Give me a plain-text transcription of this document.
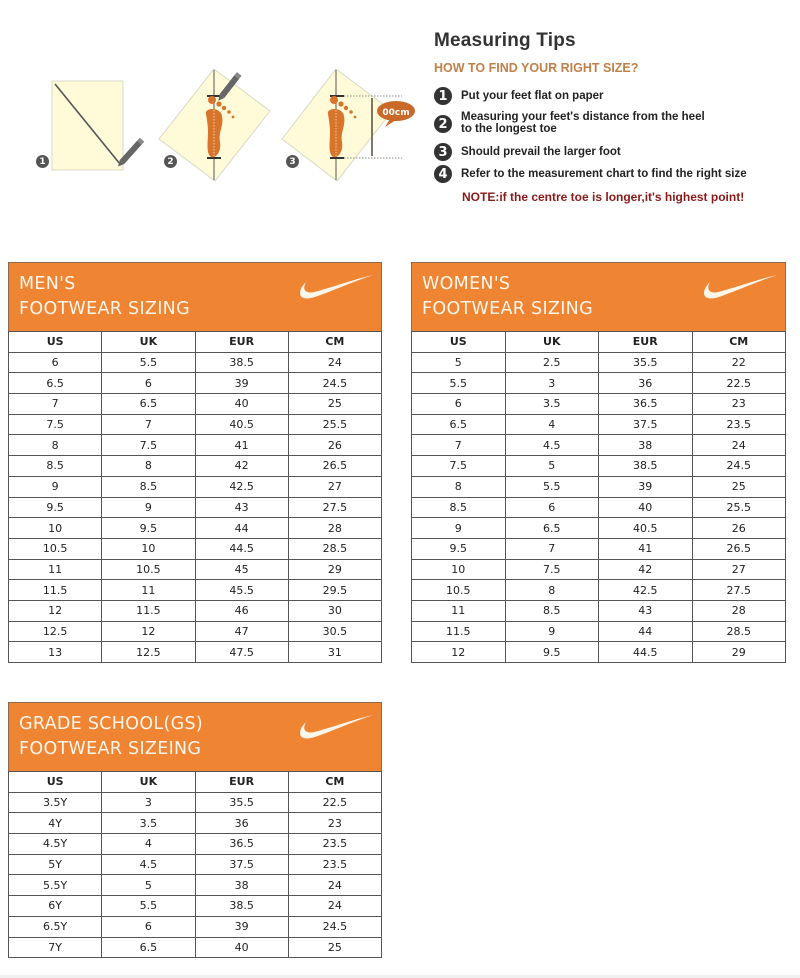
00cm
1	2	3
Measuring Tips
HOW TO FIND YOUR RIGHT SIZE?
1	Put your feet flat on paper
2	Measuring your feet's distance from the heel
to the longest toe
3	Should prevail the larger foot
4	Refer to the measurement chart to find the right size
NOTE:if the centre toe is longer,it's highest point!
MEN'S
FOOTWEAR SIZING
US	UK	EUR	CM
6	5.5	38.5	24
6.5	6	39	24.5
7	6.5	40	25
7.5	7	40.5	25.5
8	7.5	41	26
8.5	8	42	26.5
9	8.5	42.5	27
9.5	9	43	27.5
10	9.5	44	28
10.5	10	44.5	28.5
11	10.5	45	29
11.5	11	45.5	29.5
12	11.5	46	30
12.5	12	47	30.5
13	12.5	47.5	31
WOMEN'S
FOOTWEAR SIZING
US	UK	EUR	CM
5	2.5	35.5	22
5.5	3	36	22.5
6	3.5	36.5	23
6.5	4	37.5	23.5
7	4.5	38	24
7.5	5	38.5	24.5
8	5.5	39	25
8.5	6	40	25.5
9	6.5	40.5	26
9.5	7	41	26.5
10	7.5	42	27
10.5	8	42.5	27.5
11	8.5	43	28
11.5	9	44	28.5
12	9.5	44.5	29
GRADE SCHOOL(GS)
FOOTWEAR SIZEING
US	UK	EUR	CM
3.5Y	3	35.5	22.5
4Y	3.5	36	23
4.5Y	4	36.5	23.5
5Y	4.5	37.5	23.5
5.5Y	5	38	24
6Y	5.5	38.5	24
6.5Y	6	39	24.5
7Y	6.5	40	25
